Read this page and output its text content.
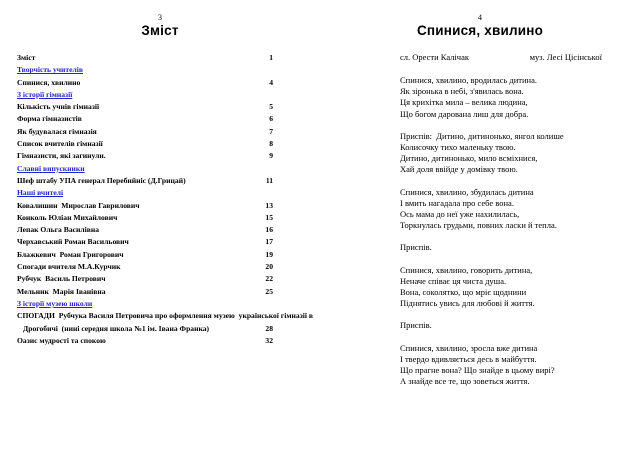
3
Зміст
Зміст	1
Творчість учителів
Спинися, хвилино	4
З історії гімназії
Кількість учнів гімназії	5
Форма гімназистів	6
Як будувалася гімназія	7
Список вчителів гімназії	8
Гімназисти, які загинули.	9
Славні випускники
Шеф штабу УПА генерал Перебийніс (Д.Грицай)	11
Наші вчителі
Ковалишин  Мирослав Гаврилович	13
Конколь Юліан Михайлович	15
Лепак Ольга Василівна	16
Черхавський Роман Васильович	17
Блажкевич  Роман Григорович	19
Спогади вчителя М.А.Курчик	20
Рубчук  Василь Петрович	22
Мельник  Марія Іванівна	25
З історії музею школи
СПОГАДИ  Рубчука Василя Петровича про оформлення музею  української гімназії в
Дрогобичі  (нині середня школа №1 ім. Івана Франка)	28
Оазис мудрості та спокою	32
4
Спинися, хвилино
сл. Орести Калічак	муз. Лесі Цісінської
Спинися, хвилино, вродилась дитина.
Як зіронька в небі, з'явилась вона.
Ця крихітка мила – велика людина,
Що богом дарована лиш для добра.
Приспів:  Дитино, дитинонько, янгол колише
Колисочку тихо маленьку твою.
Дитино, дитинонько, мило всміхнися,
Хай доля ввійде у домівку твою.
Спинися, хвилино, збудилась дитина
І вмить нагадала про себе вона.
Ось мама до неї уже нахилилась,
Торкнулась грудьми, повних ласки й тепла.
Приспів.
Спинися, хвилино, говорить дитина,
Неначе співає ця чиста душа.
Вона, соколятко, що мріє щоднини
Піднятись увись для любові й життя.
Приспів.
Спинися, хвилино, зросла вже дитина
І твердо вдивляється десь в майбуття.
Що прагне вона? Що знайде в цьому вирі?
А знайде все те, що зоветься життя.
